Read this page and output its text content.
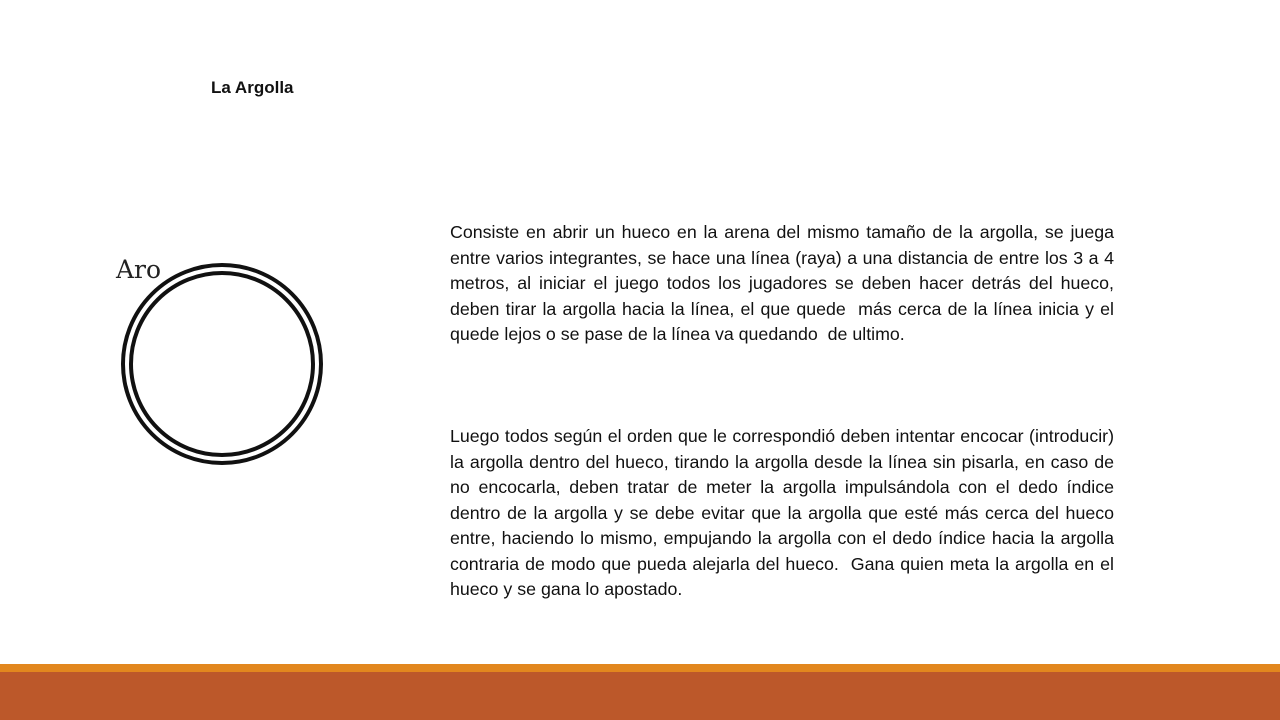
La Argolla
Aro

Consiste en abrir un hueco en la arena del mismo tamaño de la argolla, se juega entre varios integrantes, se hace una línea (raya) a una distancia de entre los 3 a 4 metros, al iniciar el juego todos los jugadores se deben hacer detrás del hueco, deben tirar la argolla hacia la línea, el que quede  más cerca de la línea inicia y el quede lejos o se pase de la línea va quedando  de ultimo.

Luego todos según el orden que le correspondió deben intentar encocar (introducir) la argolla dentro del hueco, tirando la argolla desde la línea sin pisarla, en caso de no encocarla, deben tratar de meter la argolla impulsándola con el dedo índice dentro de la argolla y se debe evitar que la argolla que esté más cerca del hueco entre, haciendo lo mismo, empujando la argolla con el dedo índice hacia la argolla contraria de modo que pueda alejarla del hueco.  Gana quien meta la argolla en el hueco y se gana lo apostado.
